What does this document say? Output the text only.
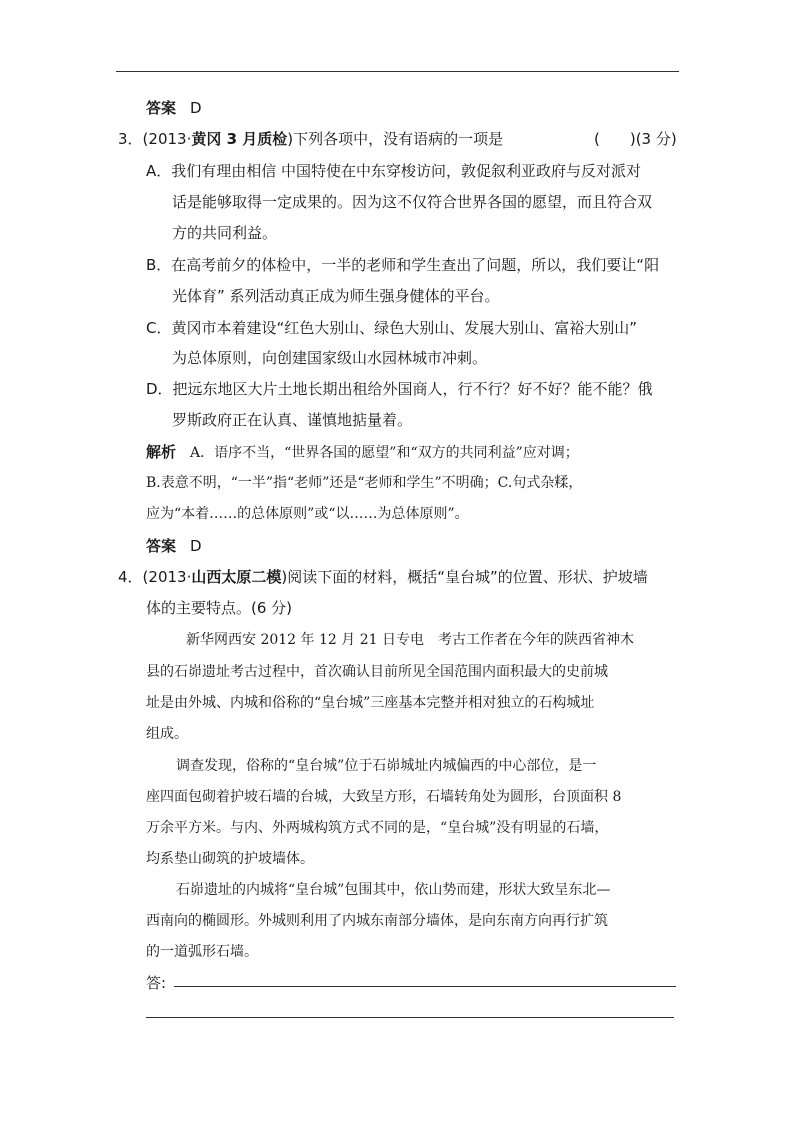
答案 D
3．(2013·黄冈 3 月质检)下列各项中，没有语病的一项是	(　　)(3 分)
A．我们有理由相信 中国特使在中东穿梭访问，敦促叙利亚政府与反对派对
话是能够取得一定成果的。因为这不仅符合世界各国的愿望，而且符合双
方的共同利益。
B．在高考前夕的体检中，一半的老师和学生查出了问题，所以，我们要让“阳
光体育” 系列活动真正成为师生强身健体的平台。
C．黄冈市本着建设“红色大别山、绿色大别山、发展大别山、富裕大别山”
为总体原则，向创建国家级山水园林城市冲刺。
D．把远东地区大片土地长期出租给外国商人，行不行？好不好？能不能？俄
罗斯政府正在认真、谨慎地掂量着。
解析 A．语序不当，“世界各国的愿望”和“双方的共同利益”应对调；
B.表意不明，“一半”指“老师”还是“老师和学生”不明确；C.句式杂糅，
应为“本着……的总体原则”或“以……为总体原则”。
答案 D
4．(2013·山西太原二模)阅读下面的材料，概括“皇台城”的位置、形状、护坡墙
体的主要特点。(6 分)
新华网西安 2012 年 12 月 21 日专电　考古工作者在今年的陕西省神木
县的石峁遗址考古过程中，首次确认目前所见全国范围内面积最大的史前城
址是由外城、内城和俗称的“皇台城”三座基本完整并相对独立的石构城址
组成。
调查发现，俗称的“皇台城”位于石峁城址内城偏西的中心部位，是一
座四面包砌着护坡石墙的台城，大致呈方形，石墙转角处为圆形，台顶面积 8
万余平方米。与内、外两城构筑方式不同的是，“皇台城”没有明显的石墙，
均系垫山砌筑的护坡墙体。
石峁遗址的内城将“皇台城”包围其中，依山势而建，形状大致呈东北—
西南向的椭圆形。外城则利用了内城东南部分墙体，是向东南方向再行扩筑
的一道弧形石墙。
答:
